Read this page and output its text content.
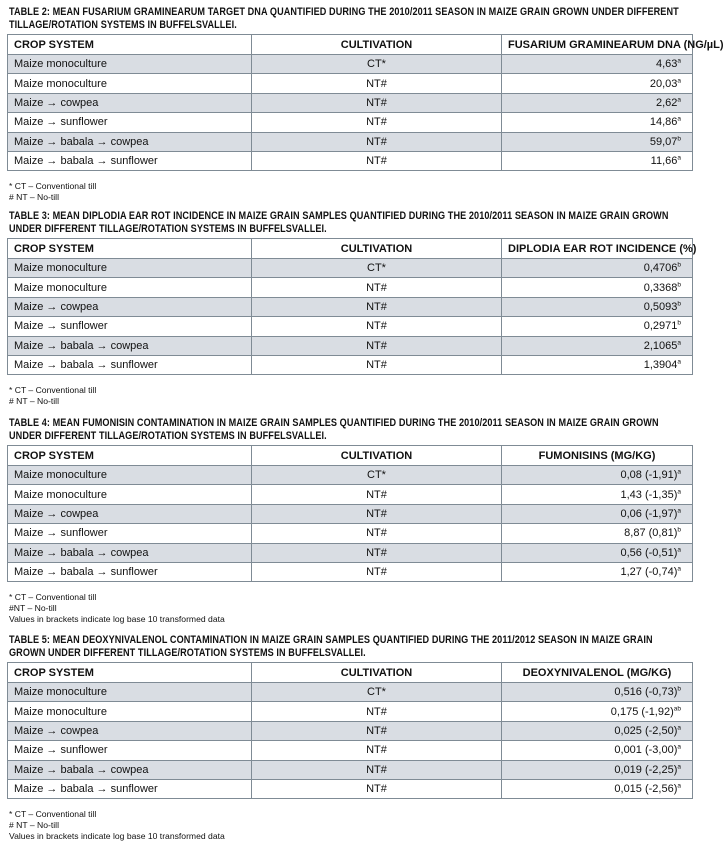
TABLE 2: MEAN FUSARIUM GRAMINEARUM TARGET DNA QUANTIFIED DURING THE 2010/2011 SEASON IN MAIZE GRAIN GROWN UNDER DIFFERENT TILLAGE/ROTATION SYSTEMS IN BUFFELSVALLEI.
CROP SYSTEM	CULTIVATION	FUSARIUM GRAMINEARUM DNA (NG/µL)
Maize monoculture	CT*	4,63$^a$
Maize monoculture	NT#	20,03$^a$
Maize → cowpea	NT#	2,62$^a$
Maize → sunflower	NT#	14,86$^a$
Maize → babala → cowpea	NT#	59,07$^b$
Maize → babala → sunflower	NT#	11,66$^a$
* CT – Conventional till
# NT – No-till
TABLE 3: MEAN DIPLODIA EAR ROT INCIDENCE IN MAIZE GRAIN SAMPLES QUANTIFIED DURING THE 2010/2011 SEASON IN MAIZE GRAIN GROWN UNDER DIFFERENT TILLAGE/ROTATION SYSTEMS IN BUFFELSVALLEI.
CROP SYSTEM	CULTIVATION	DIPLODIA EAR ROT INCIDENCE (%)
Maize monoculture	CT*	0,4706$^b$
Maize monoculture	NT#	0,3368$^b$
Maize → cowpea	NT#	0,5093$^b$
Maize → sunflower	NT#	0,2971$^b$
Maize → babala → cowpea	NT#	2,1065$^a$
Maize → babala → sunflower	NT#	1,3904$^a$
* CT – Conventional till
# NT – No-till
TABLE 4: MEAN FUMONISIN CONTAMINATION IN MAIZE GRAIN SAMPLES QUANTIFIED DURING THE 2010/2011 SEASON IN MAIZE GRAIN GROWN UNDER DIFFERENT TILLAGE/ROTATION SYSTEMS IN BUFFELSVALLEI.
CROP SYSTEM	CULTIVATION	FUMONISINS (MG/KG)
Maize monoculture	CT*	0,08 $(-1,91)^a$
Maize monoculture	NT#	1,43 $(-1,35)^a$
Maize → cowpea	NT#	0,06 $(-1,97)^a$
Maize → sunflower	NT#	8,87 $(0,81)^b$
Maize → babala → cowpea	NT#	0,56 $(-0,51)^a$
Maize → babala → sunflower	NT#	1,27 $(-0,74)^a$
* CT – Conventional till
#NT – No-till
Values in brackets indicate log base 10 transformed data
TABLE 5: MEAN DEOXYNIVALENOL CONTAMINATION IN MAIZE GRAIN SAMPLES QUANTIFIED DURING THE 2011/2012 SEASON IN MAIZE GRAIN GROWN UNDER DIFFERENT TILLAGE/ROTATION SYSTEMS IN BUFFELSVALLEI.
CROP SYSTEM	CULTIVATION	DEOXYNIVALENOL (MG/KG)
Maize monoculture	CT*	0,516 $(-0,73)^b$
Maize monoculture	NT#	0,175 $(-1,92)^{ab}$
Maize → cowpea	NT#	0,025 $(-2,50)^a$
Maize → sunflower	NT#	0,001 $(-3,00)^a$
Maize → babala → cowpea	NT#	0,019 $(-2,25)^a$
Maize → babala → sunflower	NT#	0,015 $(-2,56)^a$
* CT – Conventional till
# NT – No-till
Values in brackets indicate log base 10 transformed data
